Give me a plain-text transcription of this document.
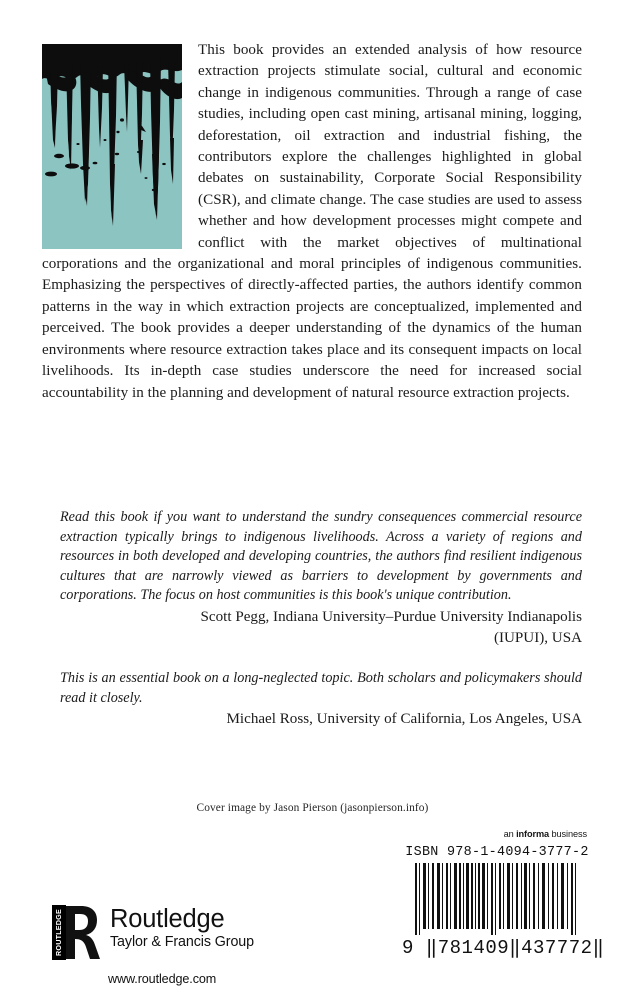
This book provides an extended analysis of how resource extraction projects stimulate social, cultural and economic change in indigenous communities. Through a range of case studies, including open cast mining, artisanal mining, logging, deforestation, oil extraction and industrial fishing, the contributors explore the challenges highlighted in global debates on sustainability, Corporate Social Responsibility (CSR), and climate change. The case studies are used to assess whether and how development processes might compete and conflict with the market objectives of multinational corporations and the organizational and moral principles of indigenous communities. Emphasizing the perspectives of directly-affected parties, the authors identify common patterns in the way in which extraction projects are conceptualized, implemented and perceived. The book provides a deeper understanding of the dynamics of the human environments where resource extraction takes place and its consequent impacts on local livelihoods. Its in-depth case studies underscore the need for increased social accountability in the planning and development of natural resource extraction projects.
Read this book if you want to understand the sundry consequences commercial resource extraction typically brings to indigenous livelihoods. Across a variety of regions and resources in both developed and developing countries, the authors find resilient indigenous cultures that are narrowly viewed as barriers to development by governments and corporations. The focus on host communities is this book's unique contribution.
Scott Pegg, Indiana University–Purdue University Indianapolis
(IUPUI), USA
This is an essential book on a long-neglected topic. Both scholars and policymakers should read it closely.
Michael Ross, University of California, Los Angeles, USA
Cover image by Jason Pierson (jasonpierson.info)
an informa business
ISBN 978-1-4094-3777-2
9 ‖781409‖437772‖
ROUTLEDGE Routledge
Taylor & Francis Group
www.routledge.com
